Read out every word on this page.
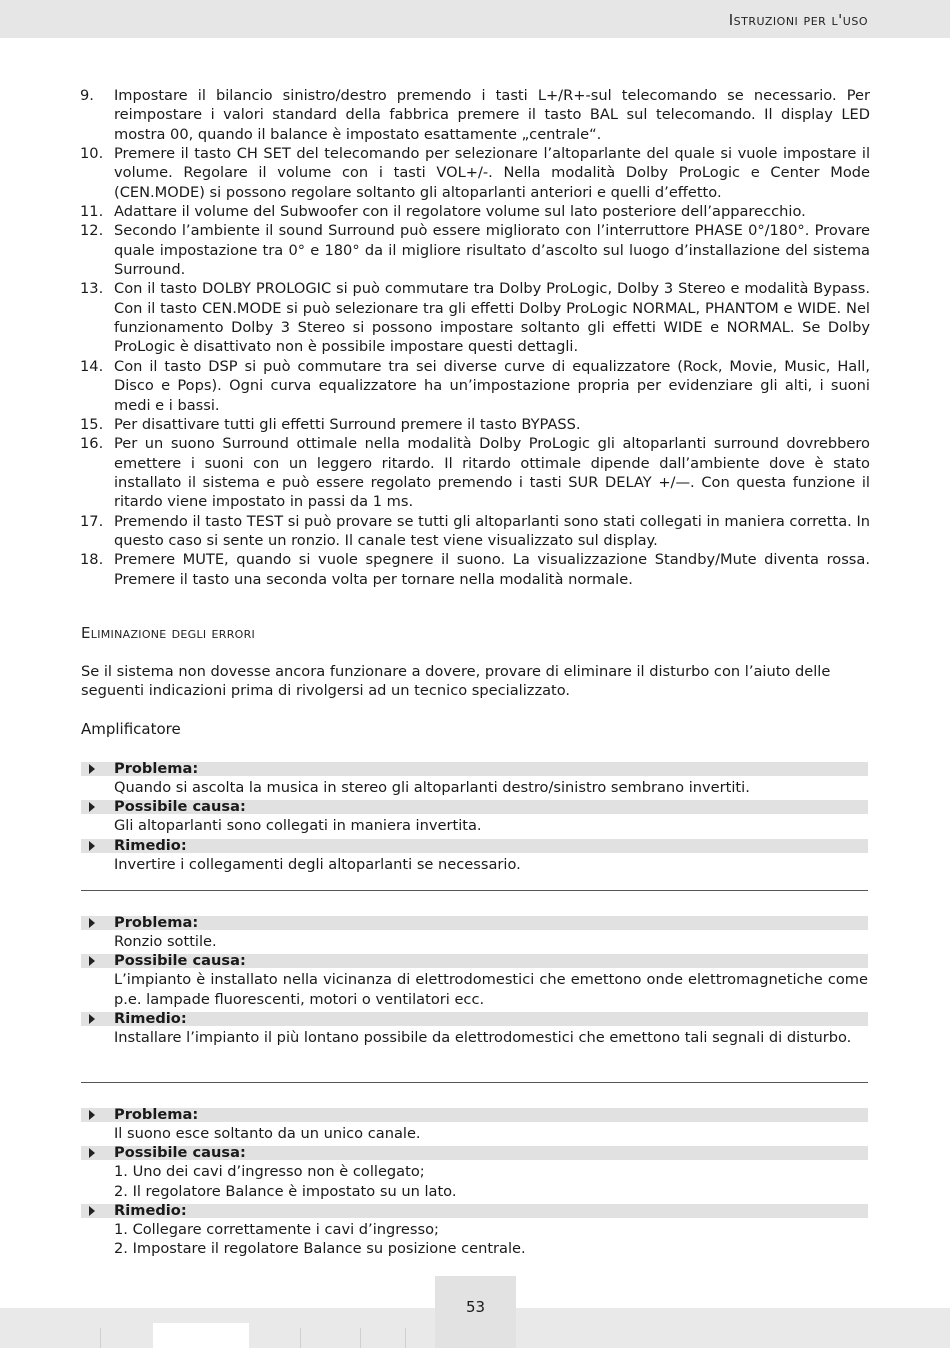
Istruzioni per l'uso
9.	Impostare il bilancio sinistro/destro premendo i tasti L+/R+-sul telecomando se necessario. Per reimpostare i valori standard della fabbrica premere il tasto BAL sul telecomando. Il display LED mostra 00, quando il balance è impostato esattamente „centrale“.
10. Premere il tasto CH SET del telecomando per selezionare l’altoparlante del quale si vuole impostare il volume. Regolare il volume con i tasti VOL+/-. Nella modalità Dolby ProLogic e Center Mode (CEN.MODE) si possono regolare soltanto gli altoparlanti anteriori e quelli d’effetto.
11. Adattare il volume del Subwoofer con il regolatore volume sul lato posteriore dell’apparecchio.
12. Secondo l’ambiente il sound Surround può essere migliorato con l’interruttore PHASE 0°/180°. Provare quale impostazione tra 0° e 180° da il migliore risultato d’ascolto sul luogo d’installazione del sistema Surround.
13. Con il tasto DOLBY PROLOGIC si può commutare tra Dolby ProLogic, Dolby 3 Stereo e modalità Bypass. Con il tasto CEN.MODE si può selezionare tra gli effetti Dolby ProLogic NORMAL, PHANTOM e WIDE. Nel funzionamento Dolby 3 Stereo si possono impostare soltanto gli effetti WIDE e NORMAL. Se Dolby ProLogic è disattivato non è possibile impostare questi dettagli.
14. Con il tasto DSP si può commutare tra sei diverse curve di equalizzatore (Rock, Movie, Music, Hall, Disco e Pops). Ogni curva equalizzatore ha un’impostazione propria per evidenziare gli alti, i suoni medi e i bassi.
15. Per disattivare tutti gli effetti Surround premere il tasto BYPASS.
16. Per un suono Surround ottimale nella modalità Dolby ProLogic gli altoparlanti surround dovrebbero emettere i suoni con un leggero ritardo. Il ritardo ottimale dipende dall’ambiente dove è stato installato il sistema e può essere regolato premendo i tasti SUR DELAY +/—. Con questa funzione il ritardo viene impostato in passi da 1 ms.
17. Premendo il tasto TEST si può provare se tutti gli altoparlanti sono stati collegati in maniera corretta. In questo caso si sente un ronzio. Il canale test viene visualizzato sul display.
18. Premere MUTE, quando si vuole spegnere il suono. La visualizzazione Standby/Mute diventa rossa. Premere il tasto una seconda volta per tornare nella modalità normale.
Eliminazione degli errori

Se il sistema non dovesse ancora funzionare a dovere, provare di eliminare il disturbo con l’aiuto delle seguenti indicazioni prima di rivolgersi ad un tecnico specializzato.

Amplificatore
Problema:
Quando si ascolta la musica in stereo gli altoparlanti destro/sinistro sembrano invertiti.
Possibile causa:
Gli altoparlanti sono collegati in maniera invertita.
Rimedio:
Invertire i collegamenti degli altoparlanti se necessario.
Problema:
Ronzio sottile.
Possibile causa:
L’impianto è installato nella vicinanza di elettrodomestici che emettono onde elettromagnetiche come p.e. lampade fluorescenti, motori o ventilatori ecc.
Rimedio:
Installare l’impianto il più lontano possibile da elettrodomestici che emettono tali segnali di disturbo.
Problema:
Il suono esce soltanto da un unico canale.
Possibile causa:
1. Uno dei cavi d’ingresso non è collegato;
2. Il regolatore Balance è impostato su un lato.
Rimedio:
1. Collegare correttamente i cavi d’ingresso;
2. Impostare il regolatore Balance su posizione centrale.
53
